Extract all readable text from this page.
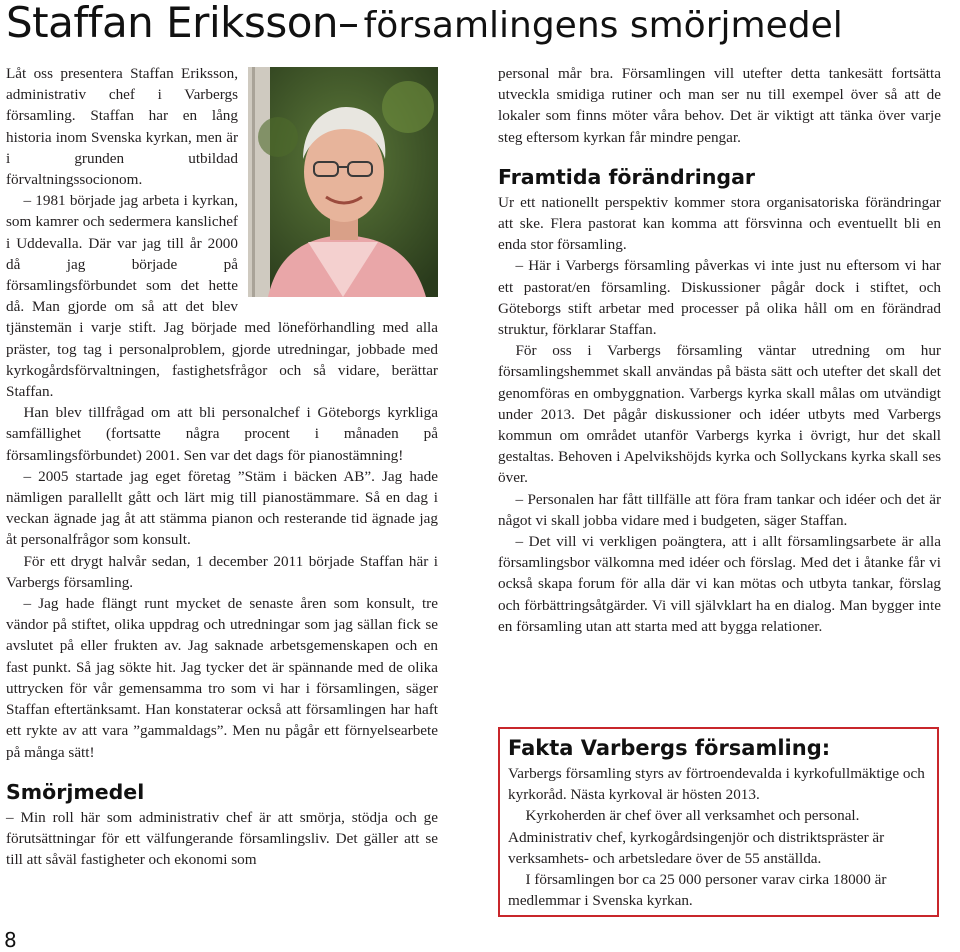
Staffan Eriksson– församlingens smörjmedel

Låt oss presentera Staffan Eriksson, administrativ chef i Varbergs församling. Staffan har en lång historia inom Svenska kyrkan, men är i grunden utbildad förvaltningssocionom.

– 1981 började jag arbeta i kyrkan, som kamrer och sedermera kanslichef i Uddevalla. Där var jag till år 2000 då jag började på församlingsförbundet som det hette då. Man gjorde om så att det blev tjänstemän i varje stift. Jag började med löneförhandling med alla präster, tog tag i personalproblem, gjorde utredningar, jobbade med kyrkogårdsförvaltningen, fastighetsfrågor och så vidare, berättar Staffan.

Han blev tillfrågad om att bli personalchef i Göteborgs kyrkliga samfällighet (fortsatte några procent i månaden på församlingsförbundet) 2001. Sen var det dags för pianostämning!

– 2005 startade jag eget företag ”Stäm i bäcken AB”. Jag hade nämligen parallellt gått och lärt mig till pianostämmare. Så en dag i veckan ägnade jag åt att stämma pianon och resterande tid ägnade jag åt personalfrågor som konsult.

För ett drygt halvår sedan, 1 december 2011 började Staffan här i Varbergs församling.

– Jag hade flängt runt mycket de senaste åren som konsult, tre vändor på stiftet, olika uppdrag och utredningar som jag sällan fick se avslutet på eller frukten av. Jag saknade arbetsgemenskapen och en fast punkt. Så jag sökte hit. Jag tycker det är spännande med de olika uttrycken för vår gemensamma tro som vi har i församlingen, säger Staffan eftertänksamt. Han konstaterar också att församlingen har haft ett rykte av att vara ”gammaldags”. Men nu pågår ett förnyelsearbete på många sätt!

Smörjmedel

– Min roll här som administrativ chef är att smörja, stödja och ge förutsättningar för ett välfungerande församlingsliv. Det gäller att se till att såväl fastigheter och ekonomi som

personal mår bra. Församlingen vill utefter detta tankesätt fortsätta utveckla smidiga rutiner och man ser nu till exempel över så att de lokaler som finns möter våra behov. Det är viktigt att tänka över varje steg eftersom kyrkan får mindre pengar.

Framtida förändringar

Ur ett nationellt perspektiv kommer stora organisatoriska förändringar att ske. Flera pastorat kan komma att försvinna och eventuellt bli en enda stor församling.

– Här i Varbergs församling påverkas vi inte just nu eftersom vi har ett pastorat/en församling. Diskussioner pågår dock i stiftet, och Göteborgs stift arbetar med processer på olika håll om en förändrad struktur, förklarar Staffan.

För oss i Varbergs församling väntar utredning om hur församlingshemmet skall användas på bästa sätt och utefter det skall det genomföras en ombyggnation. Varbergs kyrka skall målas om utvändigt under 2013. Det pågår diskussioner och idéer utbyts med Varbergs kommun om området utanför Varbergs kyrka i övrigt, hur det skall gestaltas. Behoven i Apelvikshöjds kyrka och Sollyckans kyrka skall ses över.

– Personalen har fått tillfälle att föra fram tankar och idéer och det är något vi skall jobba vidare med i budgeten, säger Staffan.

– Det vill vi verkligen poängtera, att i allt församlingsarbete är alla församlingsbor välkomna med idéer och förslag. Med det i åtanke får vi också skapa forum för alla där vi kan mötas och utbyta tankar, förslag och förbättringsåtgärder. Vi vill självklart ha en dialog. Man bygger inte en församling utan att starta med att bygga relationer.

Fakta Varbergs församling:

Varbergs församling styrs av förtroendevalda i kyrkofullmäktige och kyrkoråd. Nästa kyrkoval är hösten 2013.

Kyrkoherden är chef över all verksamhet och personal. Administrativ chef, kyrkogårdsingenjör och distriktspräster är verksamhets- och arbetsledare över de 55 anställda.

I församlingen bor ca 25 000 personer varav cirka 18000 är medlemmar i Svenska kyrkan.

8
